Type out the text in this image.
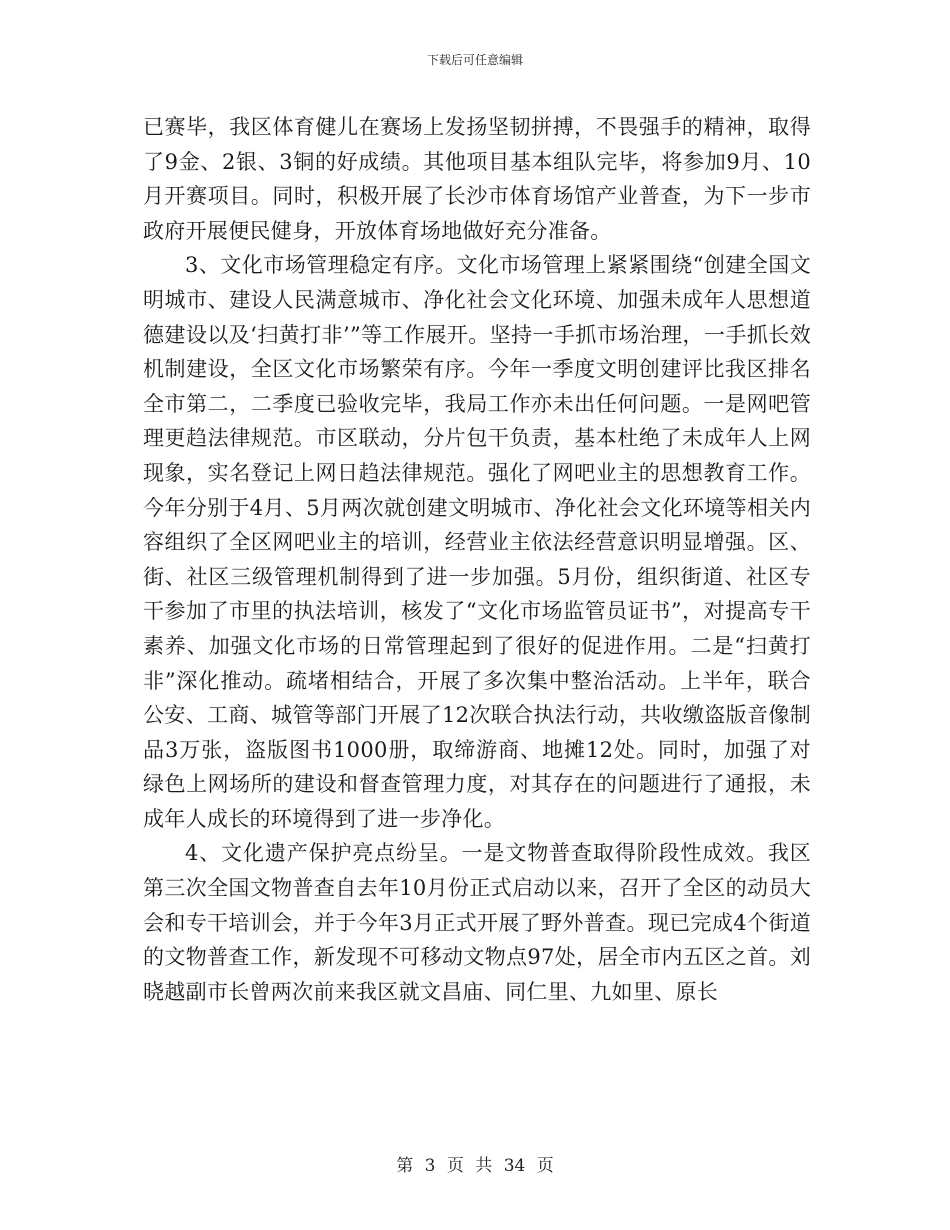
下载后可任意编辑

已赛毕，我区体育健儿在赛场上发扬坚韧拼搏，不畏强手的精神，取得了9金、2银、3铜的好成绩。其他项目基本组队完毕，将参加9月、10月开赛项目。同时，积极开展了长沙市体育场馆产业普查，为下一步市政府开展便民健身，开放体育场地做好充分准备。

3、文化市场管理稳定有序。文化市场管理上紧紧围绕“创建全国文明城市、建设人民满意城市、净化社会文化环境、加强未成年人思想道德建设以及‘扫黄打非’”等工作展开。坚持一手抓市场治理，一手抓长效机制建设，全区文化市场繁荣有序。今年一季度文明创建评比我区排名全市第二，二季度已验收完毕，我局工作亦未出任何问题。一是网吧管理更趋法律规范。市区联动，分片包干负责，基本杜绝了未成年人上网现象，实名登记上网日趋法律规范。强化了网吧业主的思想教育工作。今年分别于4月、5月两次就创建文明城市、净化社会文化环境等相关内容组织了全区网吧业主的培训，经营业主依法经营意识明显增强。区、街、社区三级管理机制得到了进一步加强。5月份，组织街道、社区专干参加了市里的执法培训，核发了“文化市场监管员证书”，对提高专干素养、加强文化市场的日常管理起到了很好的促进作用。二是“扫黄打非”深化推动。疏堵相结合，开展了多次集中整治活动。上半年，联合公安、工商、城管等部门开展了12次联合执法行动，共收缴盗版音像制品3万张，盗版图书1000册，取缔游商、地摊12处。同时，加强了对绿色上网场所的建设和督查管理力度，对其存在的问题进行了通报，未成年人成长的环境得到了进一步净化。

4、文化遗产保护亮点纷呈。一是文物普查取得阶段性成效。我区第三次全国文物普查自去年10月份正式启动以来，召开了全区的动员大会和专干培训会，并于今年3月正式开展了野外普查。现已完成4个街道的文物普查工作，新发现不可移动文物点97处，居全市内五区之首。刘晓越副市长曾两次前来我区就文昌庙、同仁里、九如里、原长

第 3 页 共 34 页
